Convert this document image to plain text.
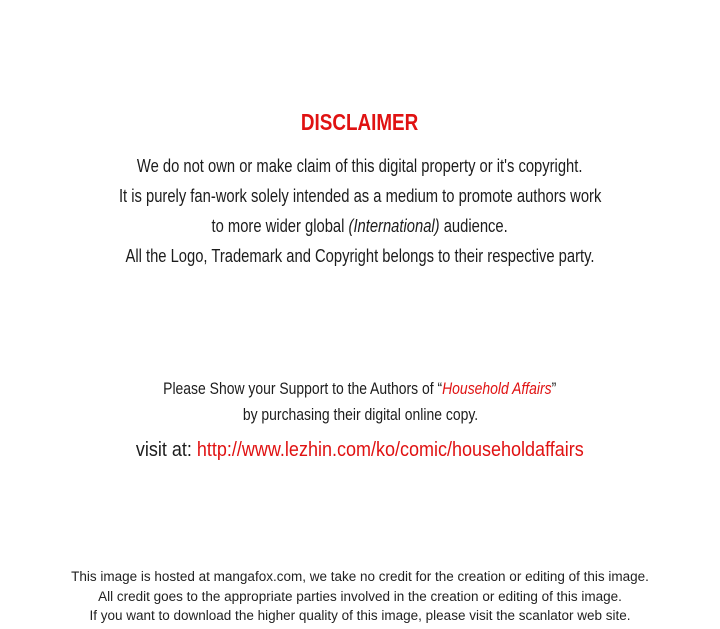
DISCLAIMER
We do not own or make claim of this digital property or it's copyright.
It is purely fan-work solely intended as a medium to promote authors work
to more wider global (International) audience.
All the Logo, Trademark and Copyright belongs to their respective party.
Please Show your Support to the Authors of “Household Affairs”
by purchasing their digital online copy.
visit at: http://www.lezhin.com/ko/comic/householdaffairs
This image is hosted at mangafox.com, we take no credit for the creation or editing of this image.
All credit goes to the appropriate parties involved in the creation or editing of this image.
If you want to download the higher quality of this image, please visit the scanlator web site.
